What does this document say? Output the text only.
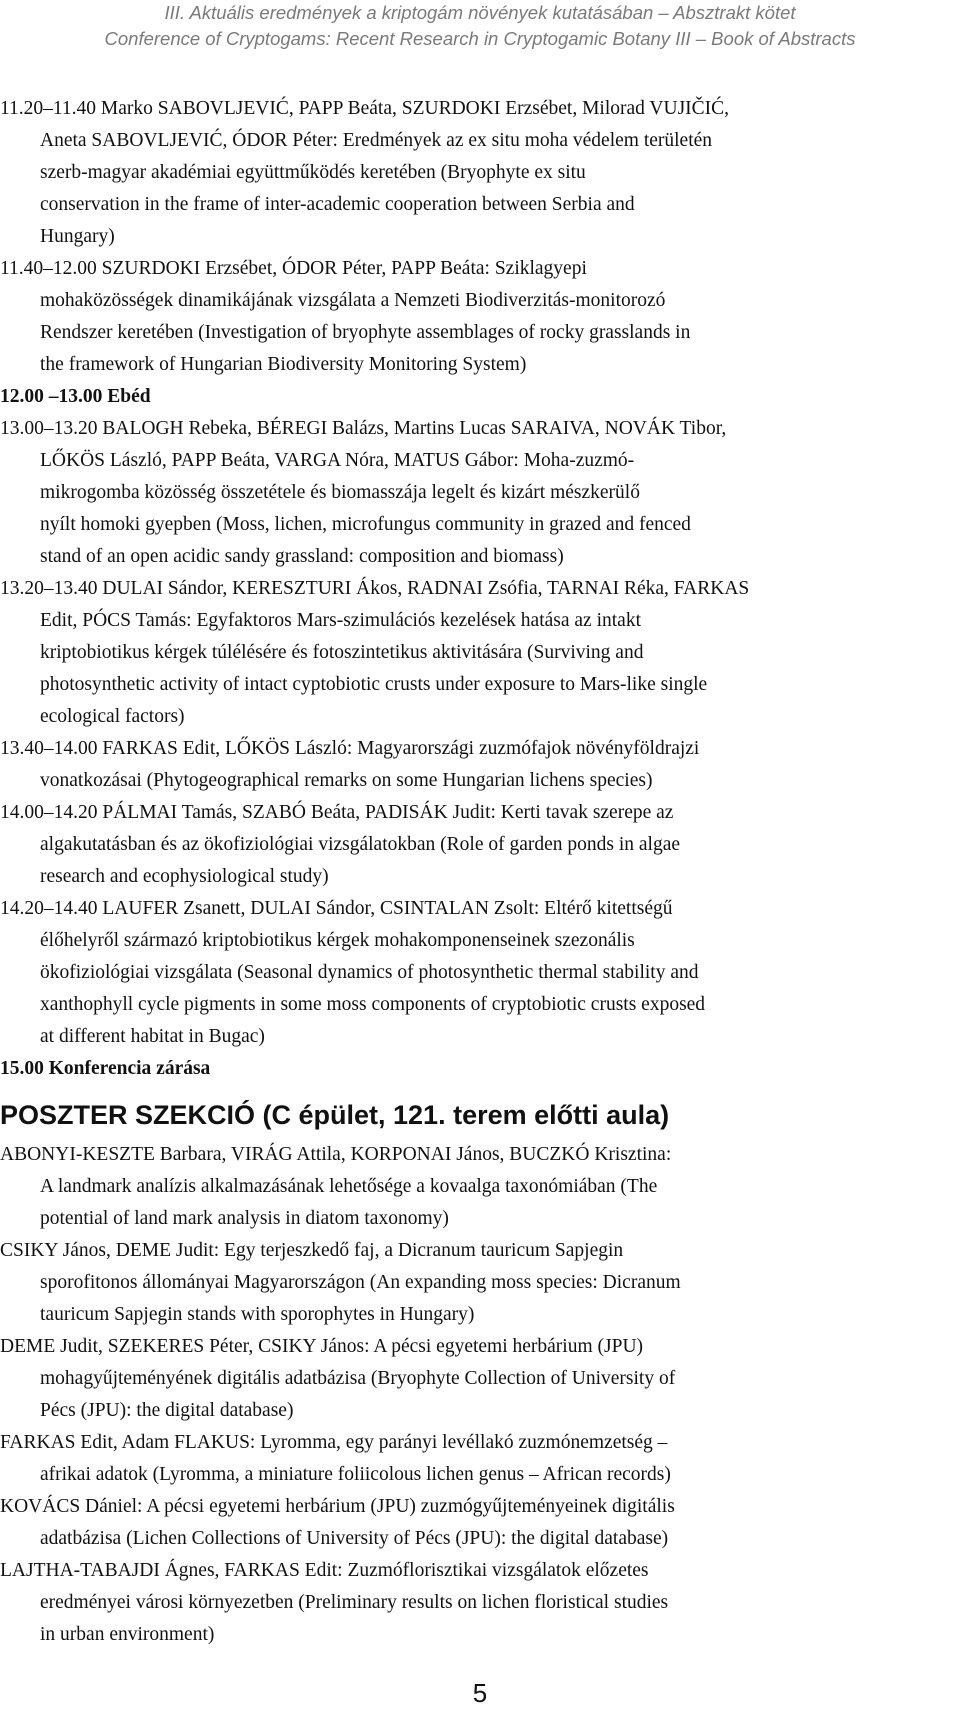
III. Aktuális eredmények a kriptogám növények kutatásában – Absztrakt kötet
Conference of Cryptogams: Recent Research in Cryptogamic Botany III – Book of Abstracts
11.20–11.40 Marko SABOVLJEVIĆ, PAPP Beáta, SZURDOKI Erzsébet, Milorad VUJIČIĆ,
Aneta SABOVLJEVIĆ, ÓDOR Péter: Eredmények az ex situ moha védelem területén
szerb-magyar akadémiai együttműködés keretében (Bryophyte ex situ
conservation in the frame of inter-academic cooperation between Serbia and
Hungary)
11.40–12.00 SZURDOKI Erzsébet, ÓDOR Péter, PAPP Beáta: Sziklagyepi
mohaközösségek dinamikájának vizsgálata a Nemzeti Biodiverzitás-monitorozó
Rendszer keretében (Investigation of bryophyte assemblages of rocky grasslands in
the framework of Hungarian Biodiversity Monitoring System)
12.00 –13.00 Ebéd
13.00–13.20 BALOGH Rebeka, BÉREGI Balázs, Martins Lucas SARAIVA, NOVÁK Tibor,
LŐKÖS László, PAPP Beáta, VARGA Nóra, MATUS Gábor: Moha-zuzmó-
mikrogomba közösség összetétele és biomasszája legelt és kizárt mészkerülő
nyílt homoki gyepben (Moss, lichen, microfungus community in grazed and fenced
stand of an open acidic sandy grassland: composition and biomass)
13.20–13.40 DULAI Sándor, KERESZTURI Ákos, RADNAI Zsófia, TARNAI Réka, FARKAS
Edit, PÓCS Tamás: Egyfaktoros Mars-szimulációs kezelések hatása az intakt
kriptobiotikus kérgek túlélésére és fotoszintetikus aktivitására (Surviving and
photosynthetic activity of intact cyptobiotic crusts under exposure to Mars-like single
ecological factors)
13.40–14.00 FARKAS Edit, LŐKÖS László: Magyarországi zuzmófajok növényföldrajzi
vonatkozásai (Phytogeographical remarks on some Hungarian lichens species)
14.00–14.20 PÁLMAI Tamás, SZABÓ Beáta, PADISÁK Judit: Kerti tavak szerepe az
algakutatásban és az ökofiziológiai vizsgálatokban (Role of garden ponds in algae
research and ecophysiological study)
14.20–14.40 LAUFER Zsanett, DULAI Sándor, CSINTALAN Zsolt: Eltérő kitettségű
élőhelyről származó kriptobiotikus kérgek mohakomponenseinek szezonális
ökofiziológiai vizsgálata (Seasonal dynamics of photosynthetic thermal stability and
xanthophyll cycle pigments in some moss components of cryptobiotic crusts exposed
at different habitat in Bugac)
15.00 Konferencia zárása
POSZTER SZEKCIÓ (C épület, 121. terem előtti aula)
ABONYI-KESZTE Barbara, VIRÁG Attila, KORPONAI János, BUCZKÓ Krisztina:
A landmark analízis alkalmazásának lehetősége a kovaalga taxonómiában (The
potential of land mark analysis in diatom taxonomy)
CSIKY János, DEME Judit: Egy terjeszkedő faj, a Dicranum tauricum Sapjegin
sporofitonos állományai Magyarországon (An expanding moss species: Dicranum
tauricum Sapjegin stands with sporophytes in Hungary)
DEME Judit, SZEKERES Péter, CSIKY János: A pécsi egyetemi herbárium (JPU)
mohagyűjteményének digitális adatbázisa (Bryophyte Collection of University of
Pécs (JPU): the digital database)
FARKAS Edit, Adam FLAKUS: Lyromma, egy parányi levéllakó zuzmónemzetség –
afrikai adatok (Lyromma, a miniature foliicolous lichen genus – African records)
KOVÁCS Dániel: A pécsi egyetemi herbárium (JPU) zuzmógyűjteményeinek digitális
adatbázisa (Lichen Collections of University of Pécs (JPU): the digital database)
LAJTHA-TABAJDI Ágnes, FARKAS Edit: Zuzmóflorisztikai vizsgálatok előzetes
eredményei városi környezetben (Preliminary results on lichen floristical studies
in urban environment)
5
